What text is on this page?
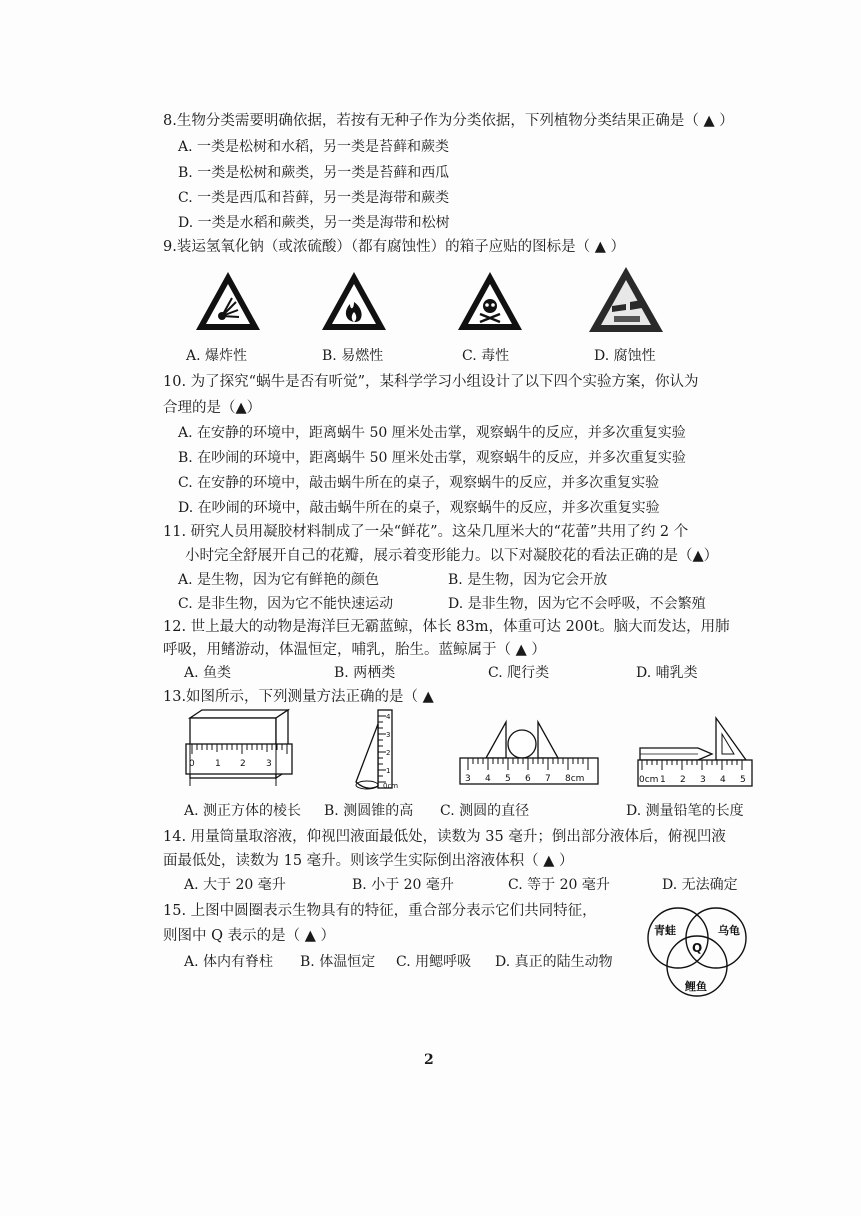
8.生物分类需要明确依据，若按有无种子作为分类依据，下列植物分类结果正确是（ ▲ ）
A. 一类是松树和水稻，另一类是苔藓和蕨类
B. 一类是松树和蕨类，另一类是苔藓和西瓜
C. 一类是西瓜和苔藓，另一类是海带和蕨类
D. 一类是水稻和蕨类，另一类是海带和松树
9.装运氢氧化钠（或浓硫酸）（都有腐蚀性）的箱子应贴的图标是（ ▲ ）
A. 爆炸性	B. 易燃性	C. 毒性	D. 腐蚀性
10. 为了探究“蜗牛是否有听觉”，某科学学习小组设计了以下四个实验方案，你认为
合理的是（▲）
A. 在安静的环境中，距离蜗牛 50 厘米处击掌，观察蜗牛的反应，并多次重复实验
B. 在吵闹的环境中，距离蜗牛 50 厘米处击掌，观察蜗牛的反应，并多次重复实验
C. 在安静的环境中，敲击蜗牛所在的桌子，观察蜗牛的反应，并多次重复实验
D. 在吵闹的环境中，敲击蜗牛所在的桌子，观察蜗牛的反应，并多次重复实验
11. 研究人员用凝胶材料制成了一朵“鲜花”。这朵几厘米大的“花蕾”共用了约 2 个
小时完全舒展开自己的花瓣，展示着变形能力。以下对凝胶花的看法正确的是（▲）
A. 是生物，因为它有鲜艳的颜色	B. 是生物，因为它会开放
C. 是非生物，因为它不能快速运动	D. 是非生物，因为它不会呼吸，不会繁殖
12. 世上最大的动物是海洋巨无霸蓝鲸，体长 83m，体重可达 200t。脑大而发达，用肺
呼吸，用鳍游动，体温恒定，哺乳，胎生。蓝鲸属于（ ▲ ）
A. 鱼类	B. 两栖类	C. 爬行类	D. 哺乳类
13.如图所示，下列测量方法正确的是（ ▲
0 1 2 3
4
3
2
1
0cm
3 4 5 6 7 8cm	0cm 1 2 3 4 5
A. 测正方体的棱长 B. 测圆锥的高 C. 测圆的直径	D. 测量铅笔的长度
14. 用量筒量取溶液，仰视凹液面最低处，读数为 35 毫升；倒出部分液体后，俯视凹液
面最低处，读数为 15 毫升。则该学生实际倒出溶液体积（ ▲ ）
A. 大于 20 毫升	B. 小于 20 毫升	C. 等于 20 毫升	D. 无法确定
15. 上图中圆圈表示生物具有的特征，重合部分表示它们共同特征，
则图中 Q 表示的是（ ▲ ）
A. 体内有脊柱 B. 体温恒定 C. 用鳃呼吸 D. 真正的陆生动物
青蛙	乌龟
鲤鱼
Q
2
